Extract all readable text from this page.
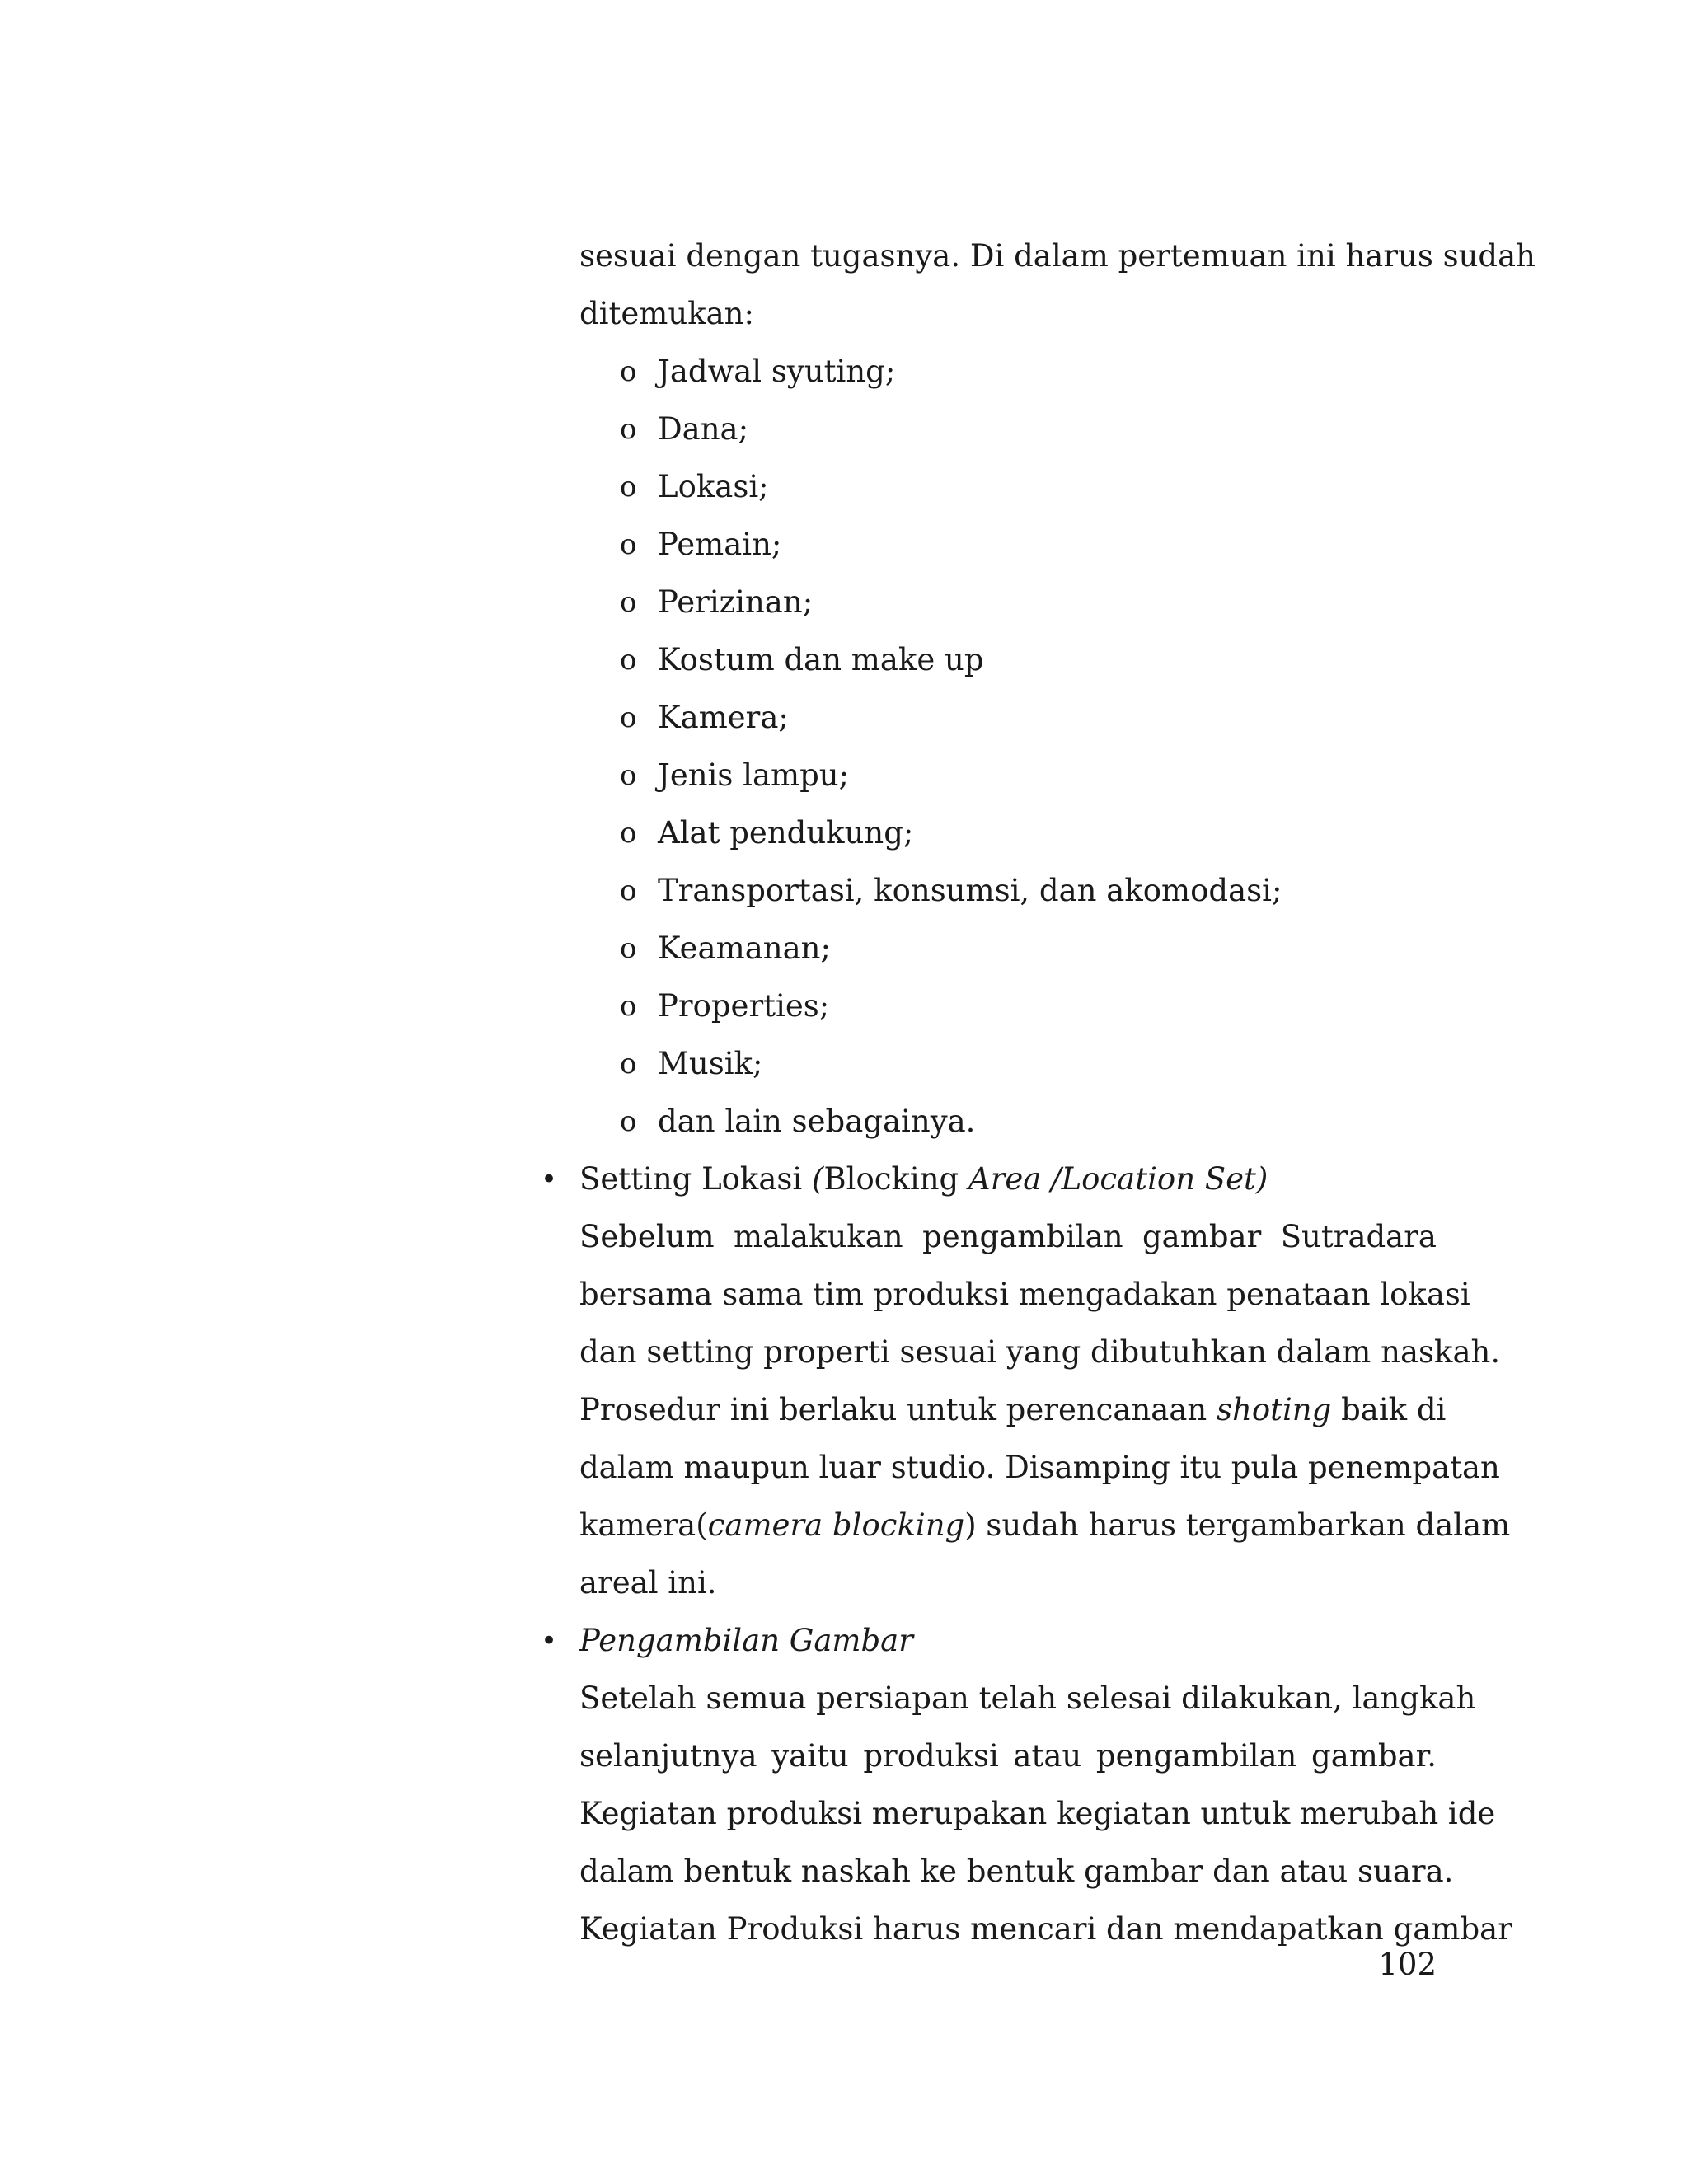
sesuai dengan tugasnya. Di dalam pertemuan ini harus sudah
ditemukan:
o Jadwal syuting;
o Dana;
o Lokasi;
o Pemain;
o Perizinan;
o Kostum dan make up
o Kamera;
o Jenis lampu;
o Alat pendukung;
o Transportasi, konsumsi, dan akomodasi;
o Keamanan;
o Properties;
o Musik;
o dan lain sebagainya.
• Setting Lokasi (Blocking Area /Location Set)
Sebelum malakukan pengambilan gambar Sutradara
bersama sama tim produksi mengadakan penataan lokasi
dan setting properti sesuai yang dibutuhkan dalam naskah.
Prosedur ini berlaku untuk perencanaan shoting baik di
dalam maupun luar studio. Disamping itu pula penempatan
kamera(camera blocking) sudah harus tergambarkan dalam
areal ini.
• Pengambilan Gambar
Setelah semua persiapan telah selesai dilakukan, langkah
selanjutnya yaitu produksi atau pengambilan gambar.
Kegiatan produksi merupakan kegiatan untuk merubah ide
dalam bentuk naskah ke bentuk gambar dan atau suara.
Kegiatan Produksi harus mencari dan mendapatkan gambar
102
